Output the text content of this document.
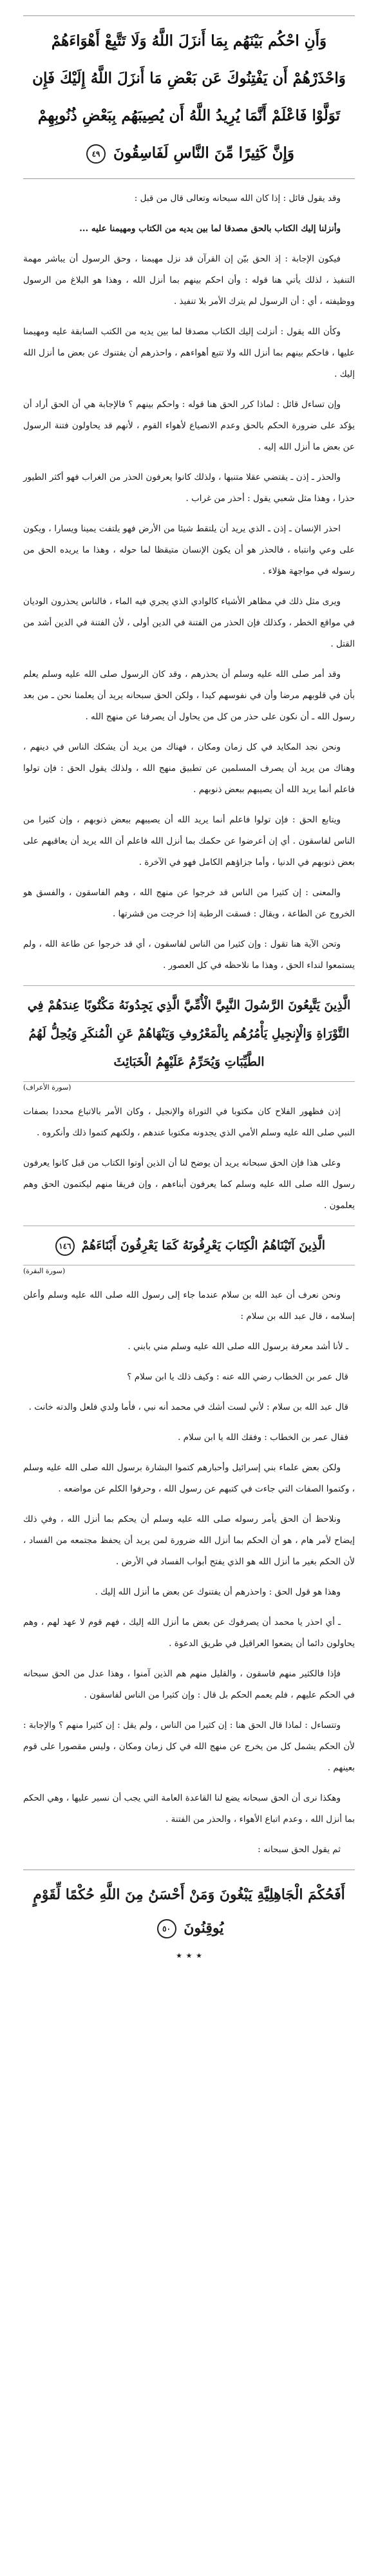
وَأَنِ احْكُم بَيْنَهُم بِمَا أَنزَلَ اللَّهُ وَلَا تَتَّبِعْ أَهْوَاءَهُمْ وَاحْذَرْهُمْ أَن يَفْتِنُوكَ عَن بَعْضِ مَا أَنزَلَ اللَّهُ إِلَيْكَ فَإِن تَوَلَّوْا فَاعْلَمْ أَنَّمَا يُرِيدُ اللَّهُ أَن يُصِيبَهُم بِبَعْضِ ذُنُوبِهِمْ وَإِنَّ كَثِيرًا مِّنَ النَّاسِ لَفَاسِقُونَ ٤٩

وقد يقول قائل : إذا كان الله سبحانه وتعالى قال من قبل :

وأنزلنا إليك الكتاب بالحق مصدقا لما بين يديه من الكتاب ومهيمنا عليه ...

فيكون الإجابة : إذ الحق بيّن إن القرآن قد نزل مهيمنا ، وحق الرسول أن يباشر مهمة التنفيذ ، لذلك يأتي هنا قوله : وأن احكم بينهم بما أنزل الله ، وهذا هو البلاغ من الرسول ووظيفته ، أي : أن الرسول لم يترك الأمر بلا تنفيذ .

وكأن الله يقول : أنزلت إليك الكتاب مصدقا لما بين يديه من الكتب السابقة عليه ومهيمنا عليها ، فاحكم بينهم بما أنزل الله ولا تتبع أهواءهم ، واحذرهم أن يفتنوك عن بعض ما أنزل الله إليك .

وإن تساءل قائل : لماذا كرر الحق هنا قوله : واحكم بينهم ؟ فالإجابة هي أن الحق أراد أن يؤكد على ضرورة الحكم بالحق وعدم الانصياع لأهواء القوم ، لأنهم قد يحاولون فتنة الرسول عن بعض ما أنزل الله إليه .

والحذر ـ إذن ـ يقتضي عقلا متنبها ، ولذلك كانوا يعرفون الحذر من الغراب فهو أكثر الطيور حذرا ، وهذا مثل شعبي يقول : أحذر من غراب .

احذر الإنسان ـ إذن ـ الذي يريد أن يلتقط شيئا من الأرض فهو يلتفت يمينا ويسارا ، ويكون على وعي وانتباه ، فالحذر هو أن يكون الإنسان متيقظا لما حوله ، وهذا ما يريده الحق من رسوله في مواجهة هؤلاء .

ويرى مثل ذلك في مظاهر الأشياء كالوادي الذي يجري فيه الماء ، فالناس يحذرون الوديان في مواقع الخطر ، وكذلك فإن الحذر من الفتنة في الدين أولى ، لأن الفتنة في الدين أشد من القتل .

وقد أمر صلى الله عليه وسلم أن يحذرهم ، وقد كان الرسول صلى الله عليه وسلم يعلم بأن في قلوبهم مرضا وأن في نفوسهم كيدا ، ولكن الحق سبحانه يريد أن يعلمنا نحن ـ من بعد رسول الله ـ أن نكون على حذر من كل من يحاول أن يصرفنا عن منهج الله .

ونحن نجد المكايد في كل زمان ومكان ، فهناك من يريد أن يشكك الناس في دينهم ، وهناك من يريد أن يصرف المسلمين عن تطبيق منهج الله ، ولذلك يقول الحق : فإن تولوا فاعلم أنما يريد الله أن يصيبهم ببعض ذنوبهم .

ويتابع الحق : فإن تولوا فاعلم أنما يريد الله أن يصيبهم ببعض ذنوبهم ، وإن كثيرا من الناس لفاسقون . أي إن أعرضوا عن حكمك بما أنزل الله فاعلم أن الله يريد أن يعاقبهم على بعض ذنوبهم في الدنيا ، وأما جزاؤهم الكامل فهو في الآخرة .

والمعنى : إن كثيرا من الناس قد خرجوا عن منهج الله ، وهم الفاسقون ، والفسق هو الخروج عن الطاعة ، ويقال : فسقت الرطبة إذا خرجت من قشرتها .

وتحن الآية هنا تقول : وإن كثيرا من الناس لفاسقون ، أي قد خرجوا عن طاعة الله ، ولم يستمعوا لنداء الحق ، وهذا ما نلاحظه في كل العصور .

الَّذِينَ يَتَّبِعُونَ الرَّسُولَ النَّبِيَّ الْأُمِّيَّ الَّذِي يَجِدُونَهُ مَكْتُوبًا عِندَهُمْ فِي التَّوْرَاةِ وَالْإِنجِيلِ يَأْمُرُهُم بِالْمَعْرُوفِ وَيَنْهَاهُمْ عَنِ الْمُنكَرِ وَيُحِلُّ لَهُمُ الطَّيِّبَاتِ وَيُحَرِّمُ عَلَيْهِمُ الْخَبَائِثَ

(سورة الأعراف)

إذن فظهور الفلاح كان مكتوبا في التوراة والإنجيل ، وكان الأمر بالاتباع محددا بصفات النبي صلى الله عليه وسلم الأمي الذي يجدونه مكتوبا عندهم ، ولكنهم كتموا ذلك وأنكروه .

وعلى هذا فإن الحق سبحانه يريد أن يوضح لنا أن الذين أوتوا الكتاب من قبل كانوا يعرفون رسول الله صلى الله عليه وسلم كما يعرفون أبناءهم ، وإن فريقا منهم ليكتمون الحق وهم يعلمون .

الَّذِينَ آتَيْنَاهُمُ الْكِتَابَ يَعْرِفُونَهُ كَمَا يَعْرِفُونَ أَبْنَاءَهُمْ ١٤٦

(سورة البقرة)

ونحن نعرف أن عبد الله بن سلام عندما جاء إلى رسول الله صلى الله عليه وسلم وأعلن إسلامه ، قال عبد الله بن سلام :

ـ لأنا أشد معرفة برسول الله صلى الله عليه وسلم مني بابني .

قال عمر بن الخطاب رضي الله عنه : وكيف ذلك يا ابن سلام ؟

قال عبد الله بن سلام : لأني لست أشك في محمد أنه نبي ، فأما ولدي فلعل والدته خانت .

فقال عمر بن الخطاب : وفقك الله يا ابن سلام .

ولكن بعض علماء بني إسرائيل وأحبارهم كتموا البشارة برسول الله صلى الله عليه وسلم ، وكتموا الصفات التي جاءت في كتبهم عن رسول الله ، وحرفوا الكلم عن مواضعه .

ونلاحظ أن الحق يأمر رسوله صلى الله عليه وسلم أن يحكم بما أنزل الله ، وفي ذلك إيضاح لأمر هام ، هو أن الحكم بما أنزل الله ضرورة لمن يريد أن يحفظ مجتمعه من الفساد ، لأن الحكم بغير ما أنزل الله هو الذي يفتح أبواب الفساد في الأرض .

وهذا هو قول الحق : واحذرهم أن يفتنوك عن بعض ما أنزل الله إليك .

ـ أي احذر يا محمد أن يصرفوك عن بعض ما أنزل الله إليك ، فهم قوم لا عهد لهم ، وهم يحاولون دائما أن يضعوا العراقيل في طريق الدعوة .

فإذا فالكثير منهم فاسقون ، والقليل منهم هم الذين آمنوا ، وهذا عدل من الحق سبحانه في الحكم عليهم ، فلم يعمم الحكم بل قال : وإن كثيرا من الناس لفاسقون .

وتتساءل : لماذا قال الحق هنا : إن كثيرا من الناس ، ولم يقل : إن كثيرا منهم ؟ والإجابة : لأن الحكم يشمل كل من يخرج عن منهج الله في كل زمان ومكان ، وليس مقصورا على قوم بعينهم .

وهكذا نرى أن الحق سبحانه يضع لنا القاعدة العامة التي يجب أن نسير عليها ، وهي الحكم بما أنزل الله ، وعدم اتباع الأهواء ، والحذر من الفتنة .

ثم يقول الحق سبحانه :

أَفَحُكْمَ الْجَاهِلِيَّةِ يَبْغُونَ وَمَنْ أَحْسَنُ مِنَ اللَّهِ حُكْمًا لِّقَوْمٍ يُوقِنُونَ ٥٠

٭ ٭ ٭
